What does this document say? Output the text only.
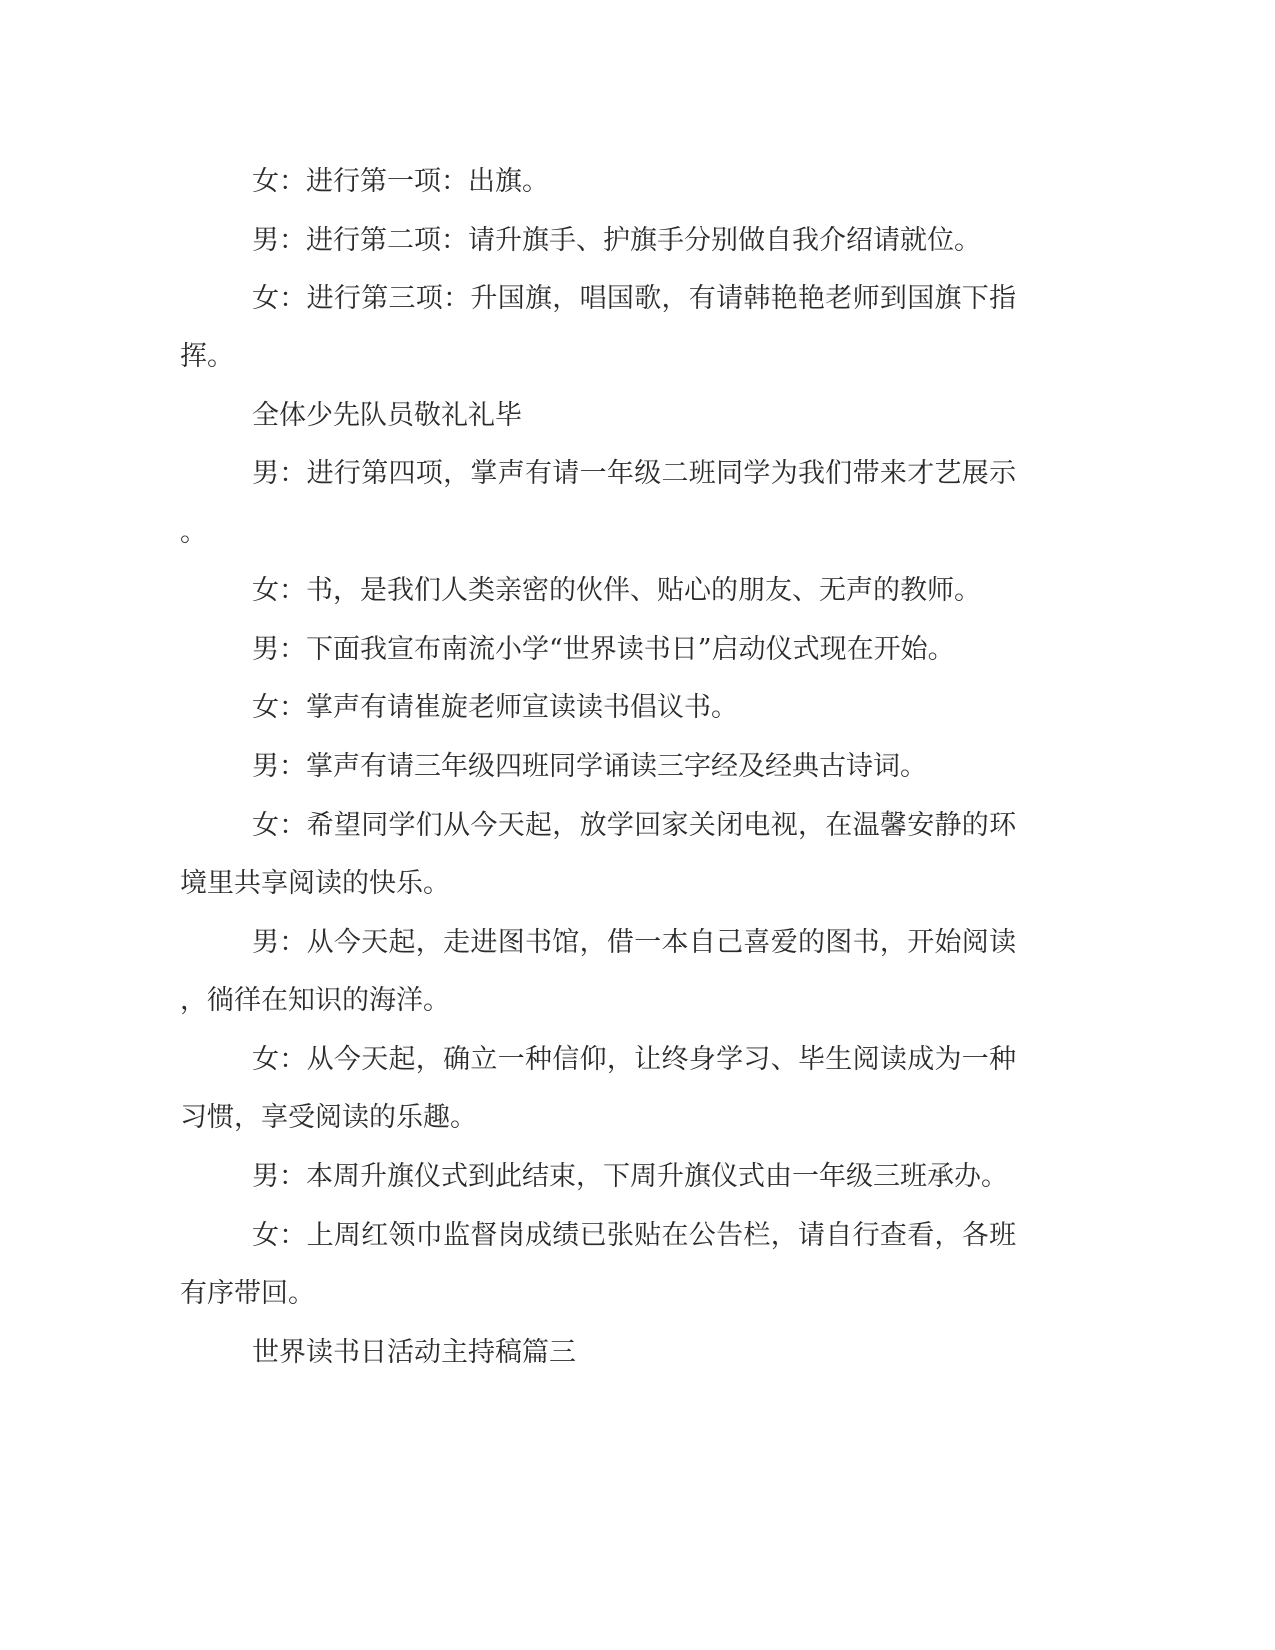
女：进行第一项：出旗。

男：进行第二项：请升旗手、护旗手分别做自我介绍请就位。

女：进行第三项：升国旗，唱国歌，有请韩艳艳老师到国旗下指

挥。

全体少先队员敬礼礼毕

男：进行第四项，掌声有请一年级二班同学为我们带来才艺展示

。

女：书，是我们人类亲密的伙伴、贴心的朋友、无声的教师。

男：下面我宣布南流小学“世界读书日”启动仪式现在开始。

女：掌声有请崔旋老师宣读读书倡议书。

男：掌声有请三年级四班同学诵读三字经及经典古诗词。

女：希望同学们从今天起，放学回家关闭电视，在温馨安静的环

境里共享阅读的快乐。

男：从今天起，走进图书馆，借一本自己喜爱的图书，开始阅读

，徜徉在知识的海洋。

女：从今天起，确立一种信仰，让终身学习、毕生阅读成为一种

习惯，享受阅读的乐趣。

男：本周升旗仪式到此结束，下周升旗仪式由一年级三班承办。

女：上周红领巾监督岗成绩已张贴在公告栏，请自行查看，各班

有序带回。

世界读书日活动主持稿篇三
